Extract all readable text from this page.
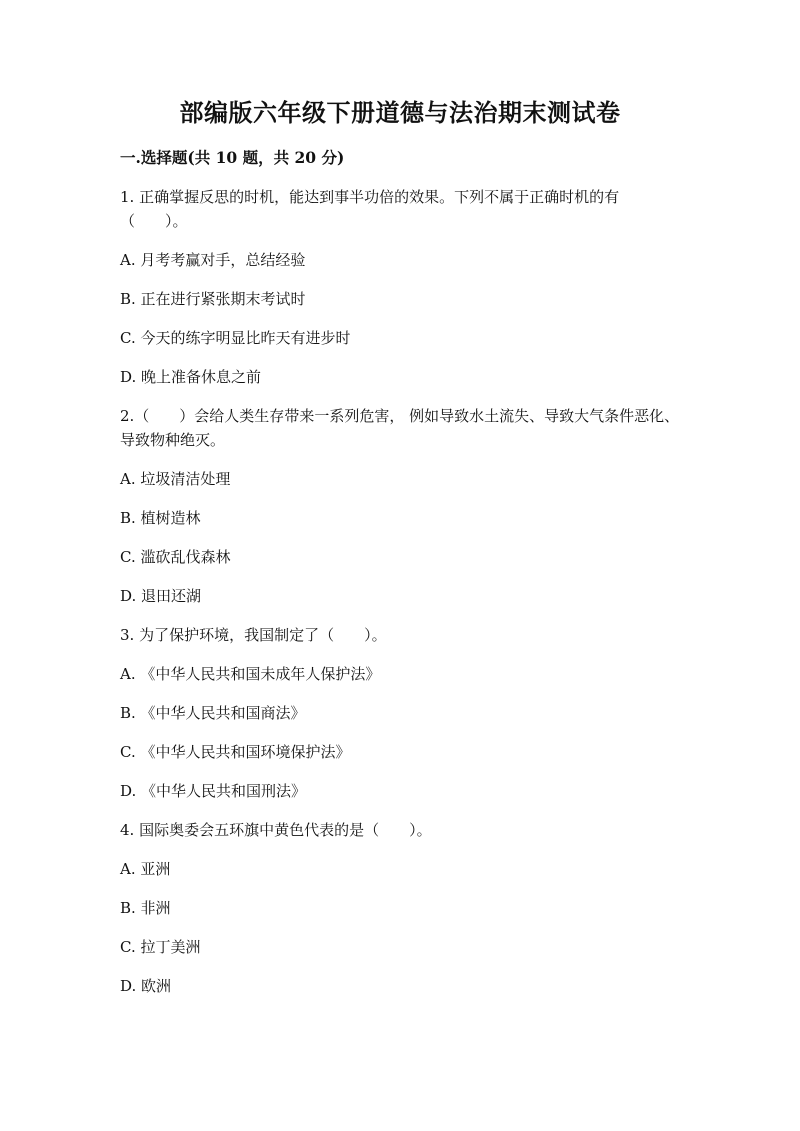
部编版六年级下册道德与法治期末测试卷
一.选择题(共 10 题，共 20 分)

1. 正确掌握反思的时机，能达到事半功倍的效果。下列不属于正确时机的有（　　）。

A. 月考考赢对手，总结经验

B. 正在进行紧张期末考试时

C. 今天的练字明显比昨天有进步时

D. 晚上准备休息之前

2.（　　）会给人类生存带来一系列危害， 例如导致水土流失、导致大气条件恶化、导致物种绝灭。

A. 垃圾清洁处理

B. 植树造林

C. 滥砍乱伐森林

D. 退田还湖

3. 为了保护环境，我国制定了（　　）。

A. 《中华人民共和国未成年人保护法》

B. 《中华人民共和国商法》

C. 《中华人民共和国环境保护法》

D. 《中华人民共和国刑法》

4. 国际奥委会五环旗中黄色代表的是（　　）。

A. 亚洲

B. 非洲

C. 拉丁美洲

D. 欧洲
